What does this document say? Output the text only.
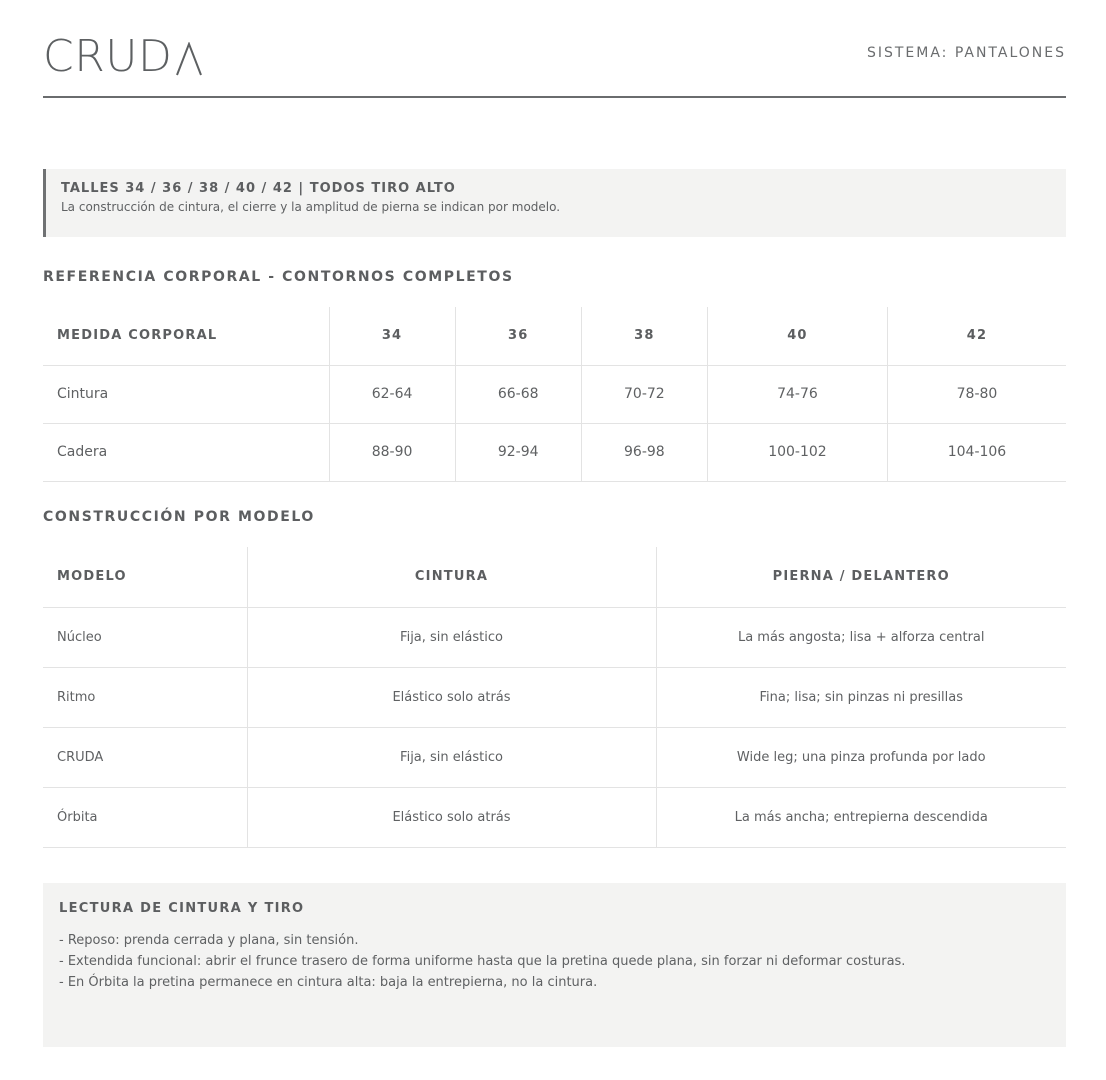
CRUD	SISTEMA: PANTALONES
TALLES 34 / 36 / 38 / 40 / 42 | TODOS TIRO ALTO
La construcción de cintura, el cierre y la amplitud de pierna se indican por modelo.
REFERENCIA CORPORAL - CONTORNOS COMPLETOS
MEDIDA CORPORAL	34	36	38	40	42
Cintura	62-64	66-68	70-72	74-76	78-80
Cadera	88-90	92-94	96-98	100-102	104-106
CONSTRUCCIÓN POR MODELO
MODELO	CINTURA	PIERNA / DELANTERO
Núcleo	Fija, sin elástico	La más angosta; lisa + alforza central
Ritmo	Elástico solo atrás	Fina; lisa; sin pinzas ni presillas
CRUDA	Fija, sin elástico	Wide leg; una pinza profunda por lado
Órbita	Elástico solo atrás	La más ancha; entrepierna descendida
LECTURA DE CINTURA Y TIRO
- Reposo: prenda cerrada y plana, sin tensión.
- Extendida funcional: abrir el frunce trasero de forma uniforme hasta que la pretina quede plana, sin forzar ni deformar costuras.
- En Órbita la pretina permanece en cintura alta: baja la entrepierna, no la cintura.
